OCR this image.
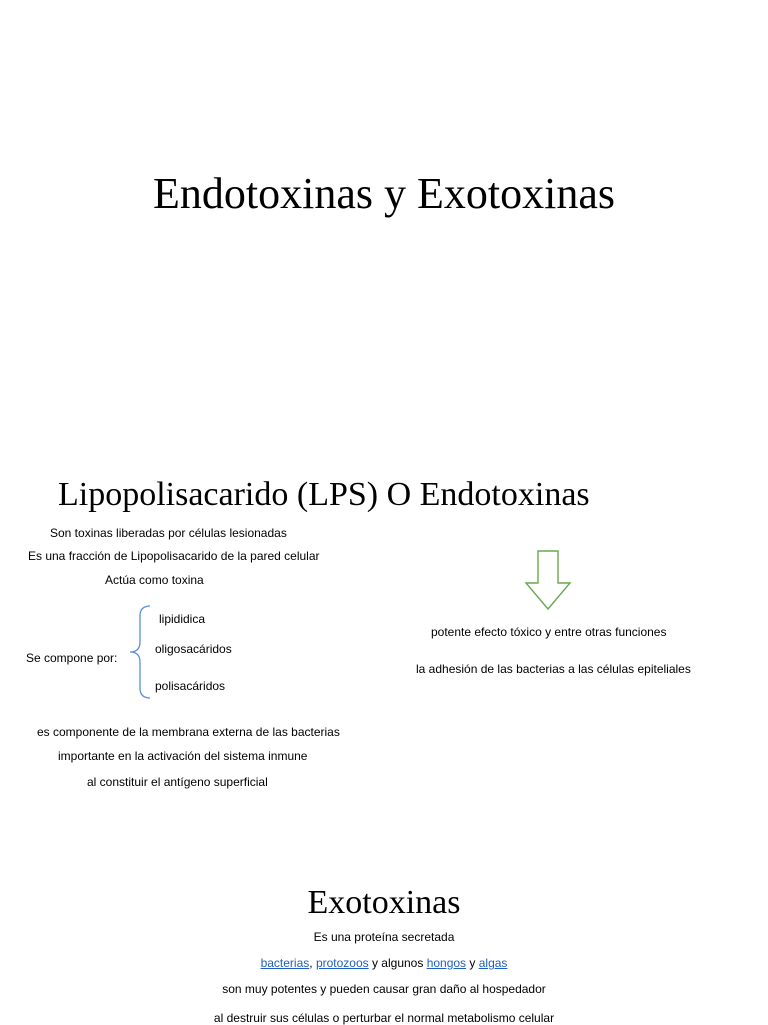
Endotoxinas y Exotoxinas
Lipopolisacarido (LPS) O Endotoxinas
Son toxinas liberadas por células lesionadas
Es una fracción de Lipopolisacarido de la pared celular
Actúa como toxina
Se compone por:
lipididica
oligosacáridos
polisacáridos
potente efecto tóxico y entre otras funciones
la adhesión de las bacterias a las células epiteliales
es componente de la membrana externa de las bacterias
importante en la activación del sistema inmune
al constituir el antígeno superficial
Exotoxinas
Es una proteína secretada
bacterias, protozoos y algunos hongos y algas
son muy potentes y pueden causar gran daño al hospedador
al destruir sus células o perturbar el normal metabolismo celular
